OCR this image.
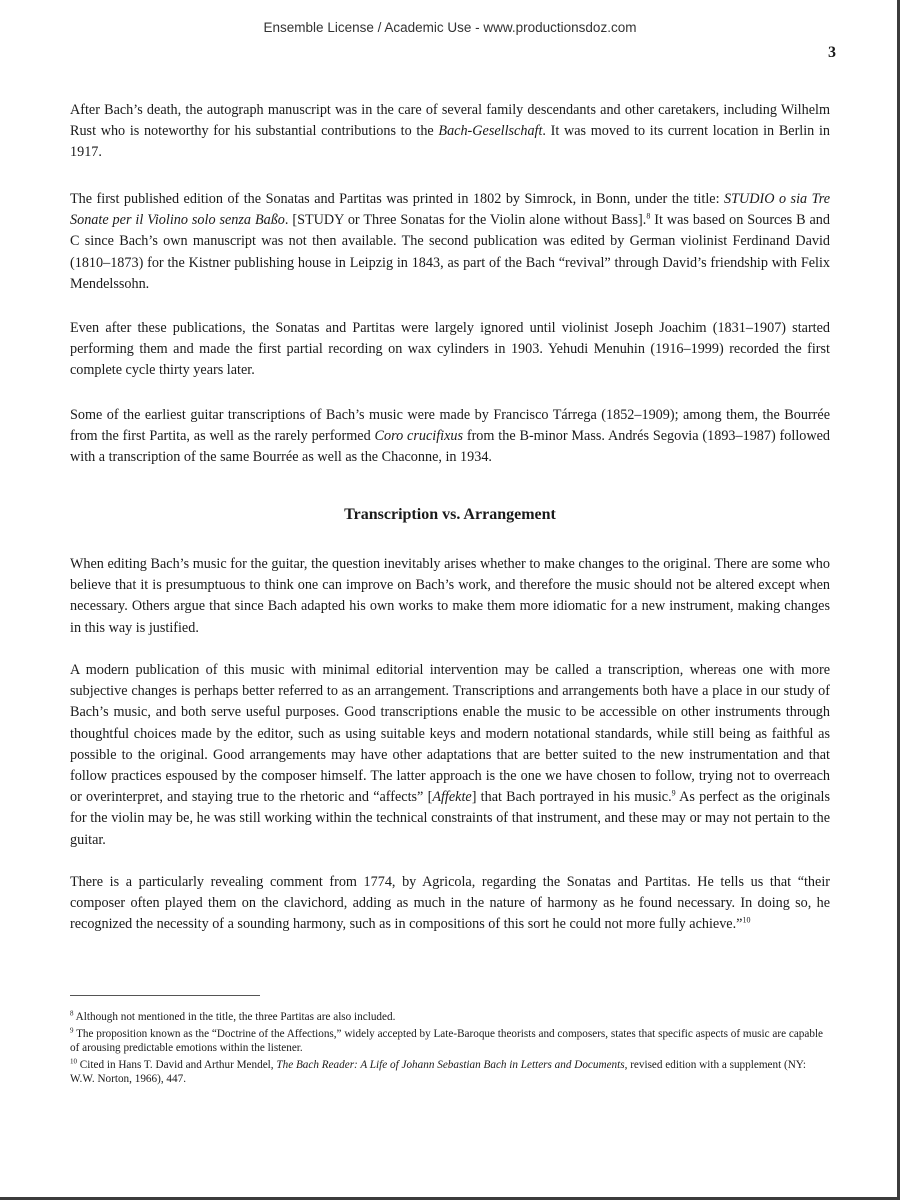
Ensemble License / Academic Use - www.productionsdoz.com
3

After Bach’s death, the autograph manuscript was in the care of several family descendants and other caretakers, including Wilhelm Rust who is noteworthy for his substantial contributions to the Bach-Gesellschaft. It was moved to its current location in Berlin in 1917.

The first published edition of the Sonatas and Partitas was printed in 1802 by Simrock, in Bonn, under the title: STUDIO o sia Tre Sonate per il Violino solo senza Baßo. [STUDY or Three Sonatas for the Violin alone without Bass].$^8$ It was based on Sources B and C since Bach’s own manuscript was not then available. The second publication was edited by German violinist Ferdinand David (1810–1873) for the Kistner publishing house in Leipzig in 1843, as part of the Bach “revival” through David’s friendship with Felix Mendelssohn.

Even after these publications, the Sonatas and Partitas were largely ignored until violinist Joseph Joachim (1831–1907) started performing them and made the first partial recording on wax cylinders in 1903. Yehudi Menuhin (1916–1999) recorded the first complete cycle thirty years later.

Some of the earliest guitar transcriptions of Bach’s music were made by Francisco Tárrega (1852–1909); among them, the Bourrée from the first Partita, as well as the rarely performed Coro crucifixus from the B-minor Mass. Andrés Segovia (1893–1987) followed with a transcription of the same Bourrée as well as the Chaconne, in 1934.

Transcription vs. Arrangement

When editing Bach’s music for the guitar, the question inevitably arises whether to make changes to the original. There are some who believe that it is presumptuous to think one can improve on Bach’s work, and therefore the music should not be altered except when necessary. Others argue that since Bach adapted his own works to make them more idiomatic for a new instrument, making changes in this way is justified.

A modern publication of this music with minimal editorial intervention may be called a transcription, whereas one with more subjective changes is perhaps better referred to as an arrangement. Transcriptions and arrangements both have a place in our study of Bach’s music, and both serve useful purposes. Good transcriptions enable the music to be accessible on other instruments through thoughtful choices made by the editor, such as using suitable keys and modern notational standards, while still being as faithful as possible to the original. Good arrangements may have other adaptations that are better suited to the new instrumentation and that follow practices espoused by the composer himself. The latter approach is the one we have chosen to follow, trying not to overreach or overinterpret, and staying true to the rhetoric and “affects” [Affekte] that Bach portrayed in his music.$^9$ As perfect as the originals for the violin may be, he was still working within the technical constraints of that instrument, and these may or may not pertain to the guitar.

There is a particularly revealing comment from 1774, by Agricola, regarding the Sonatas and Partitas. He tells us that “their composer often played them on the clavichord, adding as much in the nature of harmony as he found necessary. In doing so, he recognized the necessity of a sounding harmony, such as in compositions of this sort he could not more fully achieve.”$^{10}$

$^8$ Although not mentioned in the title, the three Partitas are also included.
$^9$ The proposition known as the “Doctrine of the Affections,” widely accepted by Late-Baroque theorists and composers, states that specific aspects of music are capable of arousing predictable emotions within the listener.
$^{10}$ Cited in Hans T. David and Arthur Mendel, The Bach Reader: A Life of Johann Sebastian Bach in Letters and Documents, revised edition with a supplement (NY: W.W. Norton, 1966), 447.
